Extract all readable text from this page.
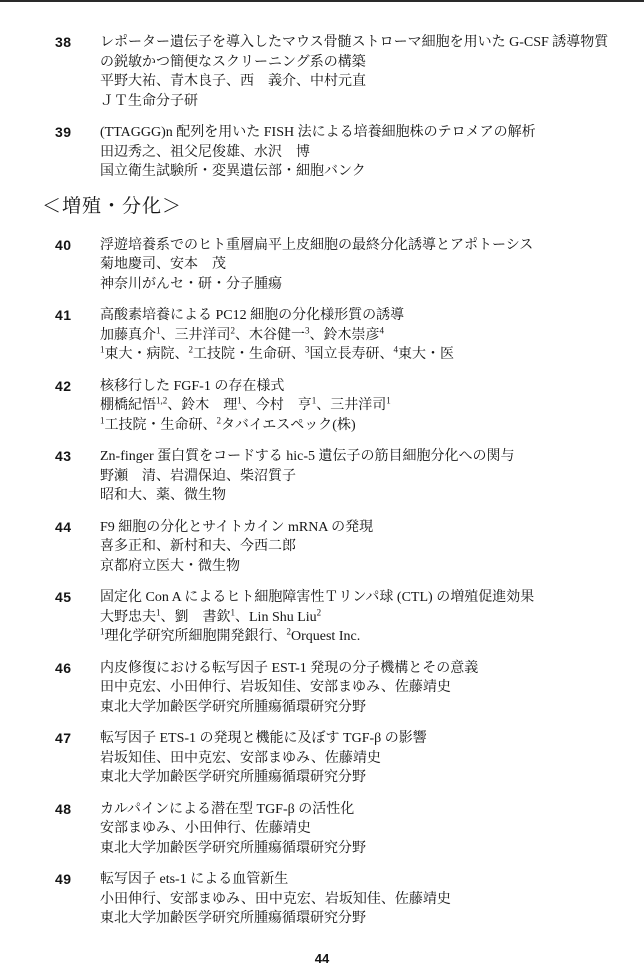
38	レポーター遺伝子を導入したマウス骨髄ストローマ細胞を用いた G-CSF 誘導物質
の鋭敏かつ簡便なスクリーニング系の構築
平野大祐、青木良子、西　義介、中村元直
ＪＴ生命分子研
39	(TTAGGG)n 配列を用いた FISH 法による培養細胞株のテロメアの解析
田辺秀之、祖父尼俊雄、水沢　博
国立衛生試験所・変異遺伝部・細胞バンク
＜増殖・分化＞
40	浮遊培養系でのヒト重層扁平上皮細胞の最終分化誘導とアポトーシス
菊地慶司、安本　茂
神奈川がんセ・研・分子腫瘍
41	高酸素培養による PC12 細胞の分化様形質の誘導
加藤真介$^1$、三井洋司$^2$、木谷健一$^3$、鈴木崇彦$^4$
$^1$東大・病院、$^2$工技院・生命研、$^3$国立長寿研、$^4$東大・医
42	核移行した FGF-1 の存在様式
棚橋紀悟$^{1,2}$、鈴木　理$^1$、今村　亨$^1$、三井洋司$^1$
$^1$工技院・生命研、$^2$タバイエスペック(株)
43	Zn-finger 蛋白質をコードする hic-5 遺伝子の筋目細胞分化への関与
野瀬　清、岩淵保迫、柴沼質子
昭和大、薬、微生物
44	F9 細胞の分化とサイトカイン mRNA の発現
喜多正和、新村和夫、今西二郎
京都府立医大・微生物
45	固定化 Con A によるヒト細胞障害性Ｔリンパ球 (CTL) の増殖促進効果
大野忠夫$^1$、劉　書欽$^1$、Lin Shu Liu$^2$
$^1$理化学研究所細胞開発銀行、$^2$Orquest Inc.
46	内皮修復における転写因子 EST-1 発現の分子機構とその意義
田中克宏、小田伸行、岩坂知佳、安部まゆみ、佐藤靖史
東北大学加齢医学研究所腫瘍循環研究分野
47	転写因子 ETS-1 の発現と機能に及ぼす TGF-β の影響
岩坂知佳、田中克宏、安部まゆみ、佐藤靖史
東北大学加齢医学研究所腫瘍循環研究分野
48	カルパインによる潜在型 TGF-β の活性化
安部まゆみ、小田伸行、佐藤靖史
東北大学加齢医学研究所腫瘍循環研究分野
49	転写因子 ets-1 による血管新生
小田伸行、安部まゆみ、田中克宏、岩坂知佳、佐藤靖史
東北大学加齢医学研究所腫瘍循環研究分野
44
